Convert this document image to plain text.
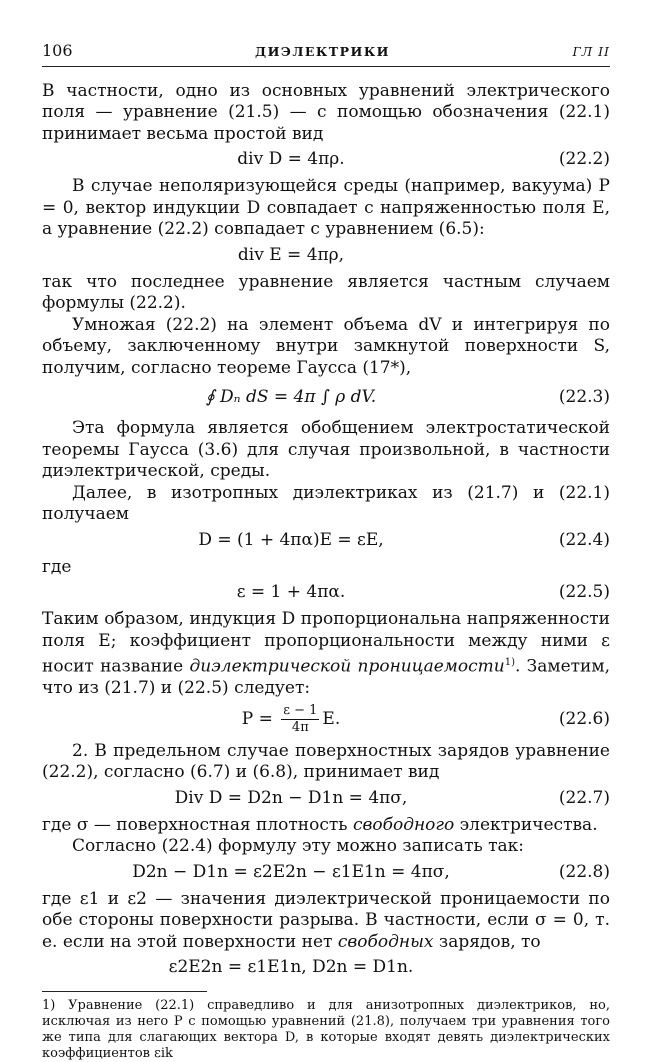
106	ДИЭЛЕКТРИКИ	ГЛ II

В частности, одно из основных уравнений электрического поля — уравнение (21.5) — с помощью обозначения (22.1) принимает весьма простой вид

div D = 4πρ.	(22.2)

В случае неполяризующейся среды (например, вакуума) P = 0, вектор индукции D совпадает с напряженностью поля E, а уравнение (22.2) совпадает с уравнением (6.5):

div E = 4πρ,

так что последнее уравнение является частным случаем формулы (22.2).

Умножая (22.2) на элемент объема dV и интегрируя по объему, заключенному внутри замкнутой поверхности S, получим, согласно теореме Гаусса (17*),

∮ Dₙ dS = 4π ∫ ρ dV.	(22.3)

Эта формула является обобщением электростатической теоремы Гаусса (3.6) для случая произвольной, в частности диэлектрической, среды.

Далее, в изотропных диэлектриках из (21.7) и (22.1) получаем

D = (1 + 4πα)E = εE,	(22.4)

где

ε = 1 + 4πα.	(22.5)

Таким образом, индукция D пропорциональна напряженности поля E; коэффициент пропорциональности между ними ε носит название диэлектрической проницаемости$^{1)}$. Заметим, что из (21.7) и (22.5) следует:

$P = \frac{\varepsilon - 1}{4\pi} E$.	(22.6)

2. В предельном случае поверхностных зарядов уравнение (22.2), согласно (6.7) и (6.8), принимает вид

Div D = D2n − D1n = 4πσ,	(22.7)

где σ — поверхностная плотность свободного электричества.

Согласно (22.4) формулу эту можно записать так:

D2n − D1n = ε2E2n − ε1E1n = 4πσ,	(22.8)

где ε1 и ε2 — значения диэлектрической проницаемости по обе стороны поверхности разрыва. В частности, если σ = 0, т. е. если на этой поверхности нет свободных зарядов, то

ε2E2n = ε1E1n, D2n = D1n.

1) Уравнение (22.1) справедливо и для анизотропных диэлектриков, но, исключая из него P с помощью уравнений (21.8), получаем три уравнения того же типа для слагающих вектора D, в которые входят девять диэлектрических коэффициентов εik
